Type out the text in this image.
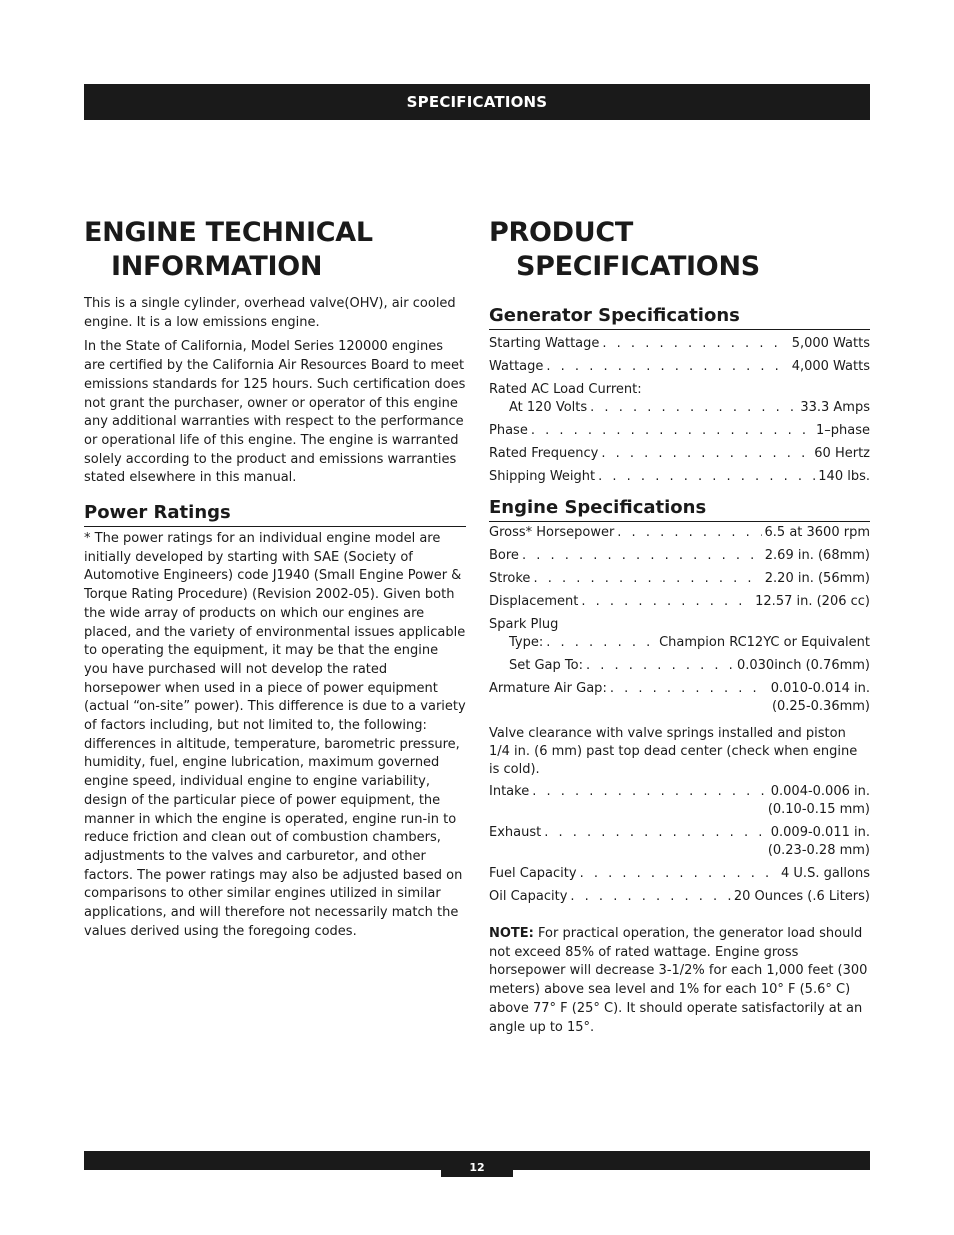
SPECIFICATIONS
ENGINE TECHNICAL
INFORMATION

This is a single cylinder, overhead valve(OHV), air cooled engine. It is a low emissions engine.

In the State of California, Model Series 120000 engines are certified by the California Air Resources Board to meet emissions standards for 125 hours. Such certification does not grant the purchaser, owner or operator of this engine any additional warranties with respect to the performance or operational life of this engine. The engine is warranted solely according to the product and emissions warranties stated elsewhere in this manual.

Power Ratings

* The power ratings for an individual engine model are initially developed by starting with SAE (Society of Automotive Engineers) code J1940 (Small Engine Power & Torque Rating Procedure) (Revision 2002-05). Given both the wide array of products on which our engines are placed, and the variety of environmental issues applicable to operating the equipment, it may be that the engine you have purchased will not develop the rated horsepower when used in a piece of power equipment (actual “on-site” power). This difference is due to a variety of factors including, but not limited to, the following: differences in altitude, temperature, barometric pressure, humidity, fuel, engine lubrication, maximum governed engine speed, individual engine to engine variability, design of the particular piece of power equipment, the manner in which the engine is operated, engine run-in to reduce friction and clean out of combustion chambers, adjustments to the valves and carburetor, and other factors. The power ratings may also be adjusted based on comparisons to other similar engines utilized in similar applications, and will therefore not necessarily match the values derived using the foregoing codes.

PRODUCT
SPECIFICATIONS
Generator Specifications
Starting Wattage . . .	5,000 Watts
Wattage . . .	4,000 Watts
Rated AC Load Current:
At 120 Volts . . .	33.3 Amps
Phase . . .	1–phase
Rated Frequency . . .	60 Hertz
Shipping Weight . . .	140 lbs.
Engine Specifications
Gross* Horsepower . . .	6.5 at 3600 rpm
Bore . . .	2.69 in. (68mm)
Stroke . . .	2.20 in. (56mm)
Displacement . . .	12.57 in. (206 cc)
Spark Plug
Type: . . .	Champion RC12YC or Equivalent
Set Gap To: . . .	0.030inch (0.76mm)
Armature Air Gap: . . .	0.010-0.014 in.
(0.25-0.36mm)

Valve clearance with valve springs installed and piston 1/4 in. (6 mm) past top dead center (check when engine is cold).

Intake . . .	0.004-0.006 in.
(0.10-0.15 mm)
Exhaust . . .	0.009-0.011 in.
(0.23-0.28 mm)
Fuel Capacity . . .	4 U.S. gallons
Oil Capacity . . .	20 Ounces (.6 Liters)

NOTE: For practical operation, the generator load should not exceed 85% of rated wattage. Engine gross horsepower will decrease 3-1/2% for each 1,000 feet (300 meters) above sea level and 1% for each 10° F (5.6° C) above 77° F (25° C). It should operate satisfactorily at an angle up to 15°.

12
